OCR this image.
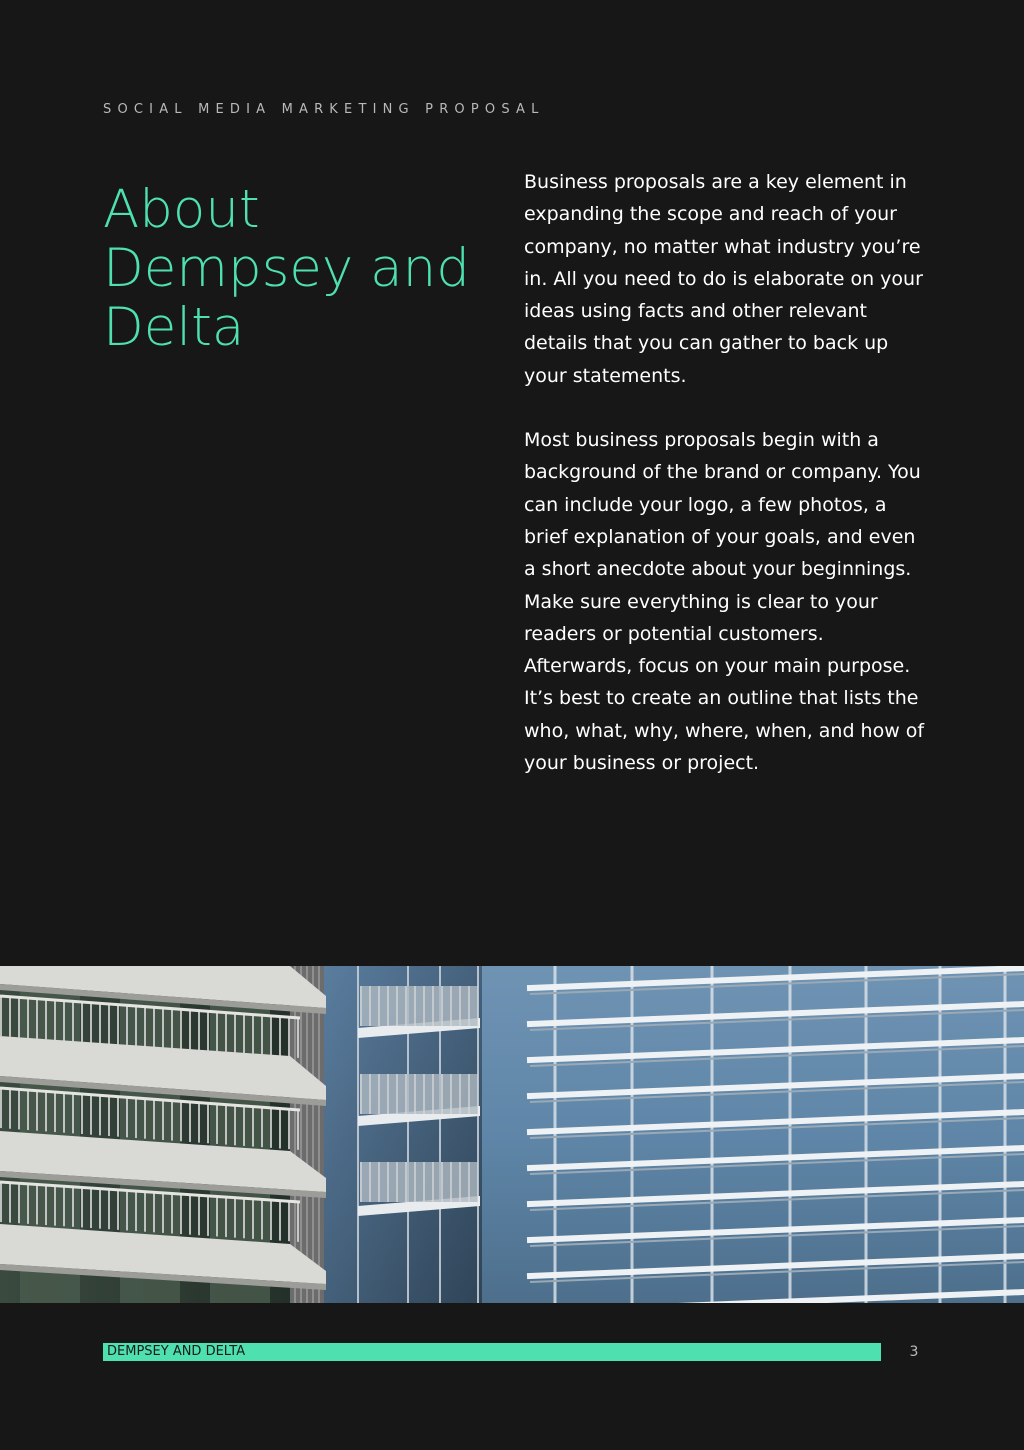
SOCIAL MEDIA MARKETING PROPOSAL
About Dempsey and Delta

Business proposals are a key element in expanding the scope and reach of your company, no matter what industry you’re in. All you need to do is elaborate on your ideas using facts and other relevant details that you can gather to back up your statements.

Most business proposals begin with a background of the brand or company. You can include your logo, a few photos, a brief explanation of your goals, and even a short anecdote about your beginnings. Make sure everything is clear to your readers or potential customers. Afterwards, focus on your main purpose. It’s best to create an outline that lists the who, what, why, where, when, and how of your business or project.

DEMPSEY AND DELTA	3
